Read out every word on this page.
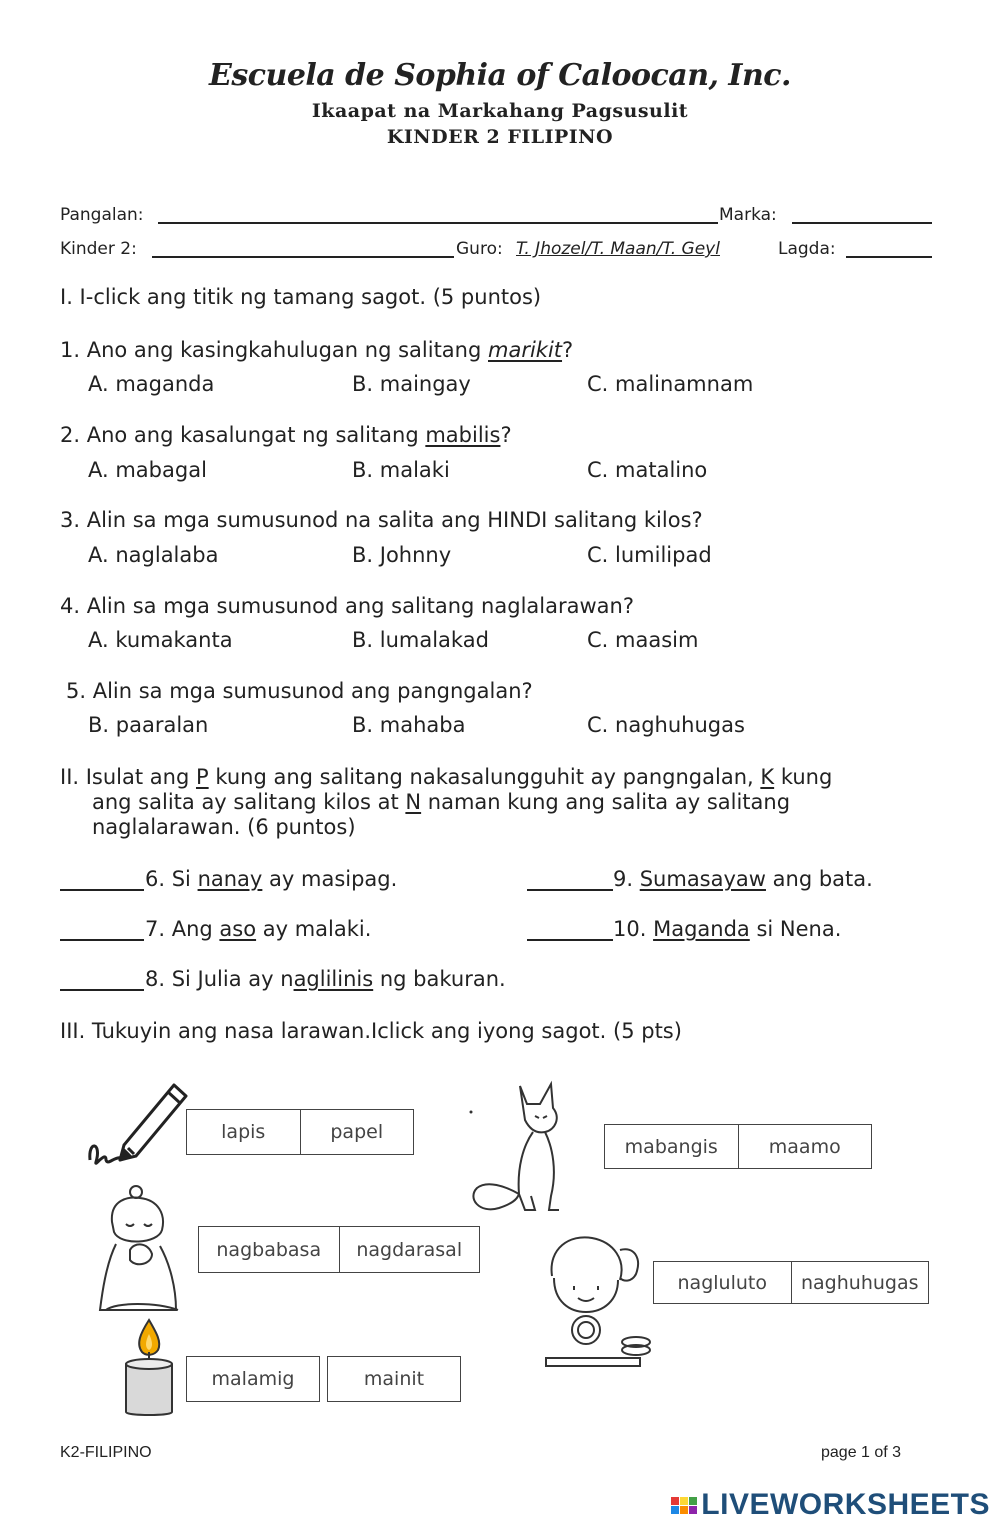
Escuela de Sophia of Caloocan, Inc.
Ikaapat na Markahang Pagsusulit
KINDER 2 FILIPINO
Pangalan:	Marka:
Kinder 2:	Guro: T. Jhozel/T. Maan/T. Geyl	Lagda:
I. I-click ang titik ng tamang sagot. (5 puntos)
1. Ano ang kasingkahulugan ng salitang marikit?
A. maganda	B. maingay	C. malinamnam
2. Ano ang kasalungat ng salitang mabilis?
A. mabagal	B. malaki	C. matalino
3. Alin sa mga sumusunod na salita ang HINDI salitang kilos?
A. naglalaba	B. Johnny	C. lumilipad
4. Alin sa mga sumusunod ang salitang naglalarawan?
A. kumakanta	B. lumalakad	C. maasim
5. Alin sa mga sumusunod ang pangngalan?
B. paaralan	B. mahaba	C. naghuhugas
II. Isulat ang P kung ang salitang nakasalungguhit ay pangngalan, K kung
ang salita ay salitang kilos at N naman kung ang salita ay salitang
naglalarawan. (6 puntos)
6. Si nanay ay masipag.	9. Sumasayaw ang bata.
7. Ang aso ay malaki.	10. Maganda si Nena.
8. Si Julia ay naglilinis ng bakuran.
III. Tukuyin ang nasa larawan.Iclick ang iyong sagot. (5 pts)
lapis	papel
mabangis	maamo
nagbabasa	nagdarasal
nagluluto	naghuhugas
malamig	mainit
K2-FILIPINO	page 1 of 3
LIVEWORKSHEETS
